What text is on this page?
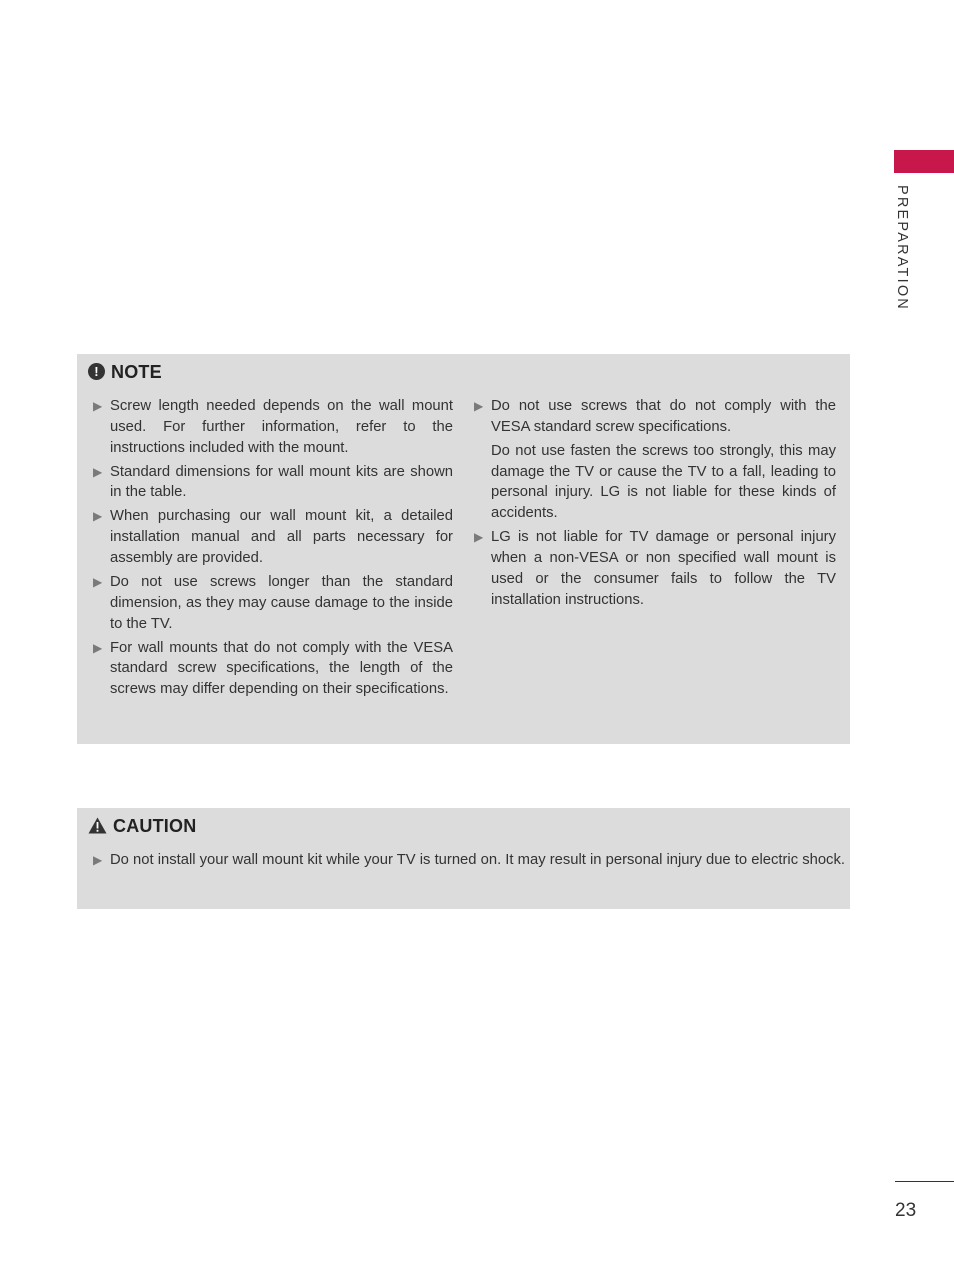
PREPARATION
! NOTE
▶ Screw length needed depends on the wall mount used. For further information, refer to the instructions included with the mount.
▶ Standard dimensions for wall mount kits are shown in the table.
▶ When purchasing our wall mount kit, a detailed installation manual and all parts necessary for assembly are provided.
▶ Do not use screws longer than the standard dimension, as they may cause damage to the inside to the TV.
▶ For wall mounts that do not comply with the VESA standard screw specifications, the length of the screws may differ depending on their specifications.
▶ Do not use screws that do not comply with the VESA standard screw specifications.
Do not use fasten the screws too strongly, this may damage the TV or cause the TV to a fall, leading to personal injury. LG is not liable for these kinds of accidents.
▶ LG is not liable for TV damage or personal injury when a non-VESA or non specified wall mount is used or the consumer fails to follow the TV installation instructions.
CAUTION
▶ Do not install your wall mount kit while your TV is turned on. It may result in personal injury due to electric shock.
23
